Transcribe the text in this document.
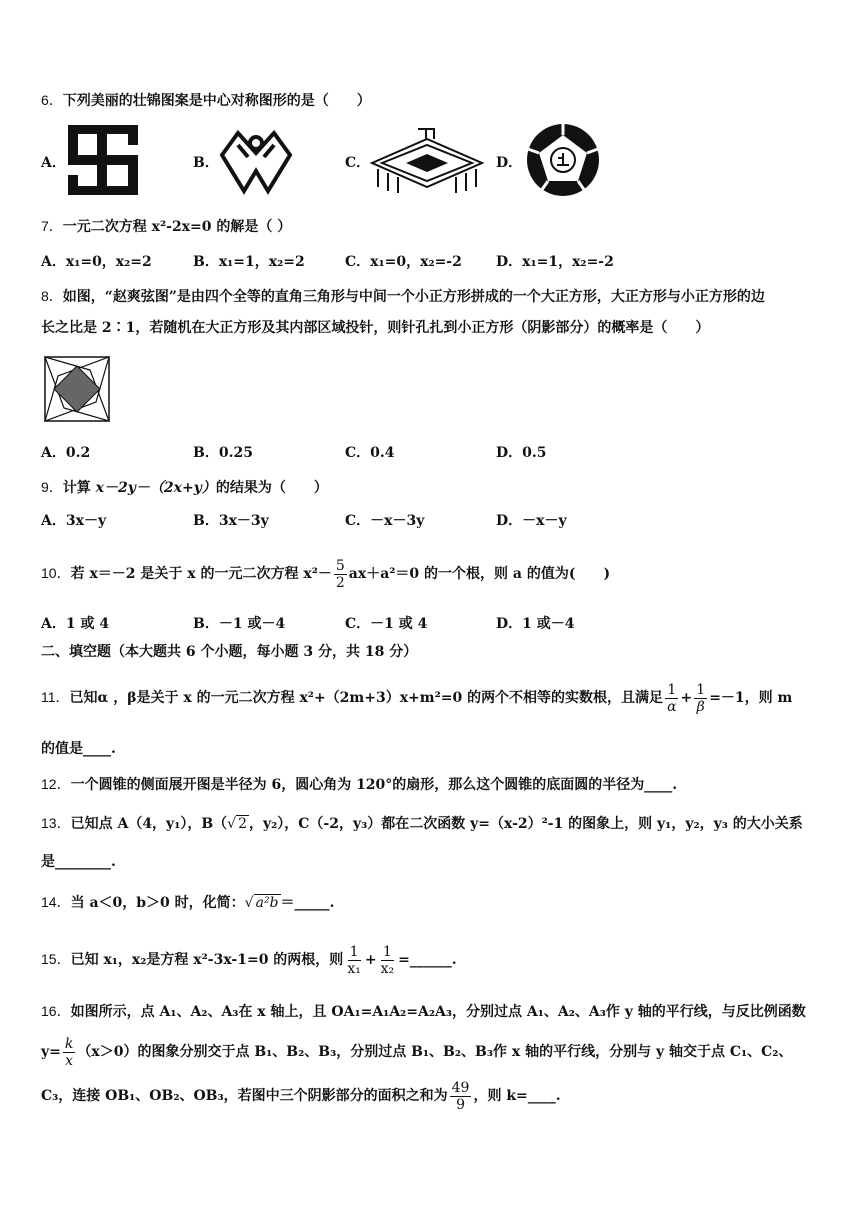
6．下列美丽的壮锦图案是中心对称图形的是（　　）
A．	B．	C．	D．
7．一元二次方程 x²-2x=0 的解是（ ）
A．x₁=0，x₂=2	B．x₁=1，x₂=2	C．x₁=0，x₂=-2 D．x₁=1，x₂=-2
8．如图，“赵爽弦图”是由四个全等的直角三角形与中间一个小正方形拼成的一个大正方形，大正方形与小正方形的边
长之比是 2∶1，若随机在大正方形及其内部区域投针，则针孔扎到小正方形（阴影部分）的概率是（　　）
A．0.2	B．0.25	C．0.4	D．0.5
9．计算 x－2y－（2x+y）的结果为（　　）
A．3x－y	B．3x－3y	C．－x－3y	D．－x－y
10．若 x＝－2 是关于 x 的一元二次方程 $x^2- \frac{5}{2} ax+a^2=0$ 的一个根，则 a 的值为(　　)
A．1 或 4	B．－1 或－4	C．－1 或 4	D．1 或－4
二、填空题（本大题共 6 个小题，每小题 3 分，共 18 分）
11．已知α ，β是关于 x 的一元二次方程 x²+（2m+3）x+m²=0 的两个不相等的实数根，且满足 $\frac{1}{\alpha} + \frac{1}{\beta} =-1$，则 m
的值是____.
12．一个圆锥的侧面展开图是半径为 6，圆心角为 120°的扇形，那么这个圆锥的底面圆的半径为____.
13．已知点 A（4，y₁），B（√ 2 ，y₂），C（-2，y₃）都在二次函数 y=（x-2）²-1 的图象上，则 y₁，y₂，y₃ 的大小关系
是________.
14．当 a＜0，b＞0 时，化简：√ a²b ＝_____.
15．已知 x₁，x₂是方程 x²-3x-1=0 的两根，则 $\frac{1}{\text{x₁}} + \frac{1}{\text{x₂}}$ =______.
16．如图所示，点 A₁、A₂、A₃在 x 轴上，且 OA₁=A₁A₂=A₂A₃，分别过点 A₁、A₂、A₃作 y 轴的平行线，与反比例函数
$y= \frac{k}{x} (x>0)$的图象分别交于点 B₁、B₂、B₃，分别过点 B₁、B₂、B₃作 x 轴的平行线，分别与 y 轴交于点 C₁、C₂、
C₃，连接 OB₁、OB₂、OB₃，若图中三个阴影部分的面积之和为 $\frac{49}{9}$ ，则 k=____.
